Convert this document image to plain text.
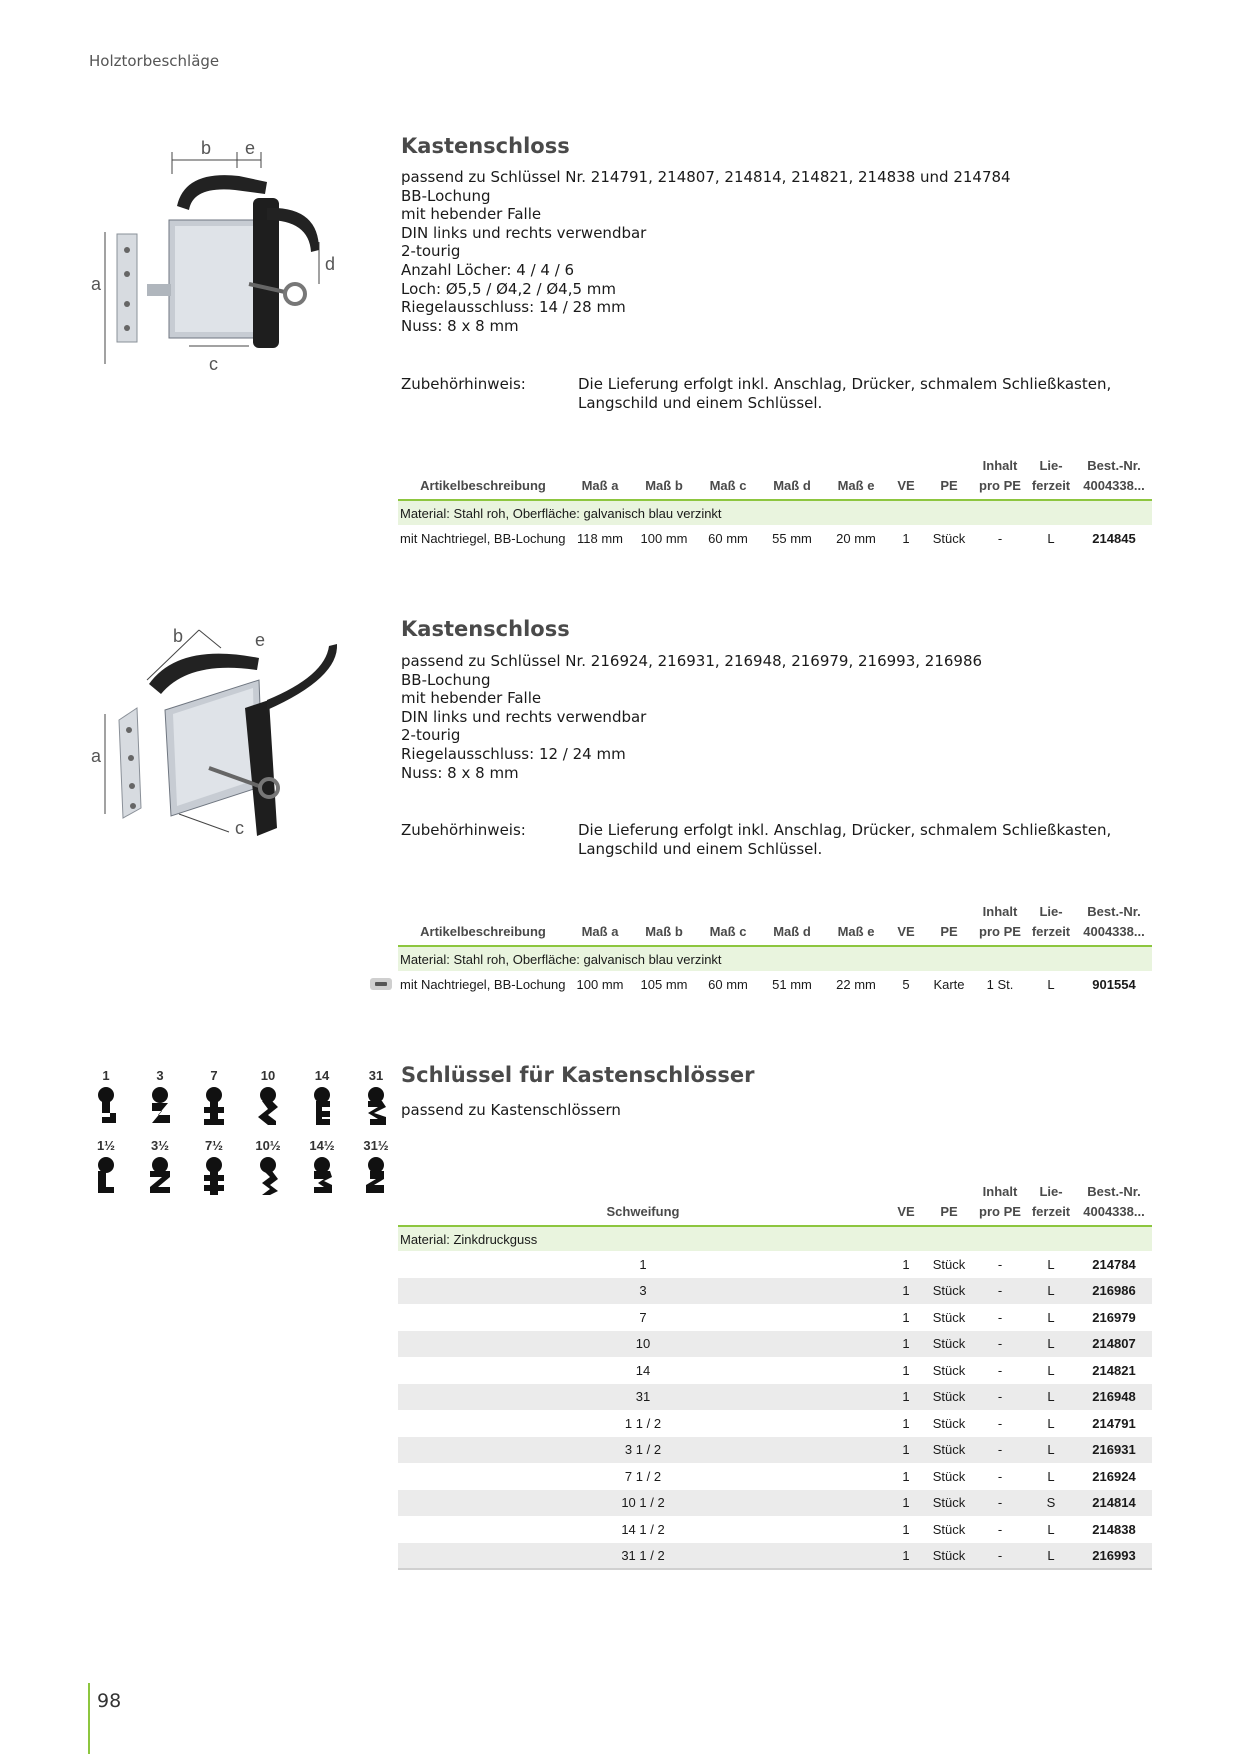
Holztorbeschläge
b e
a
c
d
Kastenschloss
passend zu Schlüssel Nr. 214791, 214807, 214814, 214821, 214838 und 214784
BB-Lochung
mit hebender Falle
DIN links und rechts verwendbar
2-tourig
Anzahl Löcher: 4 / 4 / 6
Loch: Ø5,5 / Ø4,2 / Ø4,5 mm
Riegelausschluss: 14 / 28 mm
Nuss: 8 x 8 mm
Zubehörhinweis:	Die Lieferung erfolgt inkl. Anschlag, Drücker, schmalem Schließkasten, Langschild und einem Schlüssel.
Artikelbeschreibung	Maß a	Maß b	Maß c	Maß d	Maß e	VE	PE	Inhalt pro PE	Lie- ferzeit	Best.-Nr. 4004338...
Material: Stahl roh, Oberfläche: galvanisch blau verzinkt										
mit Nachtriegel, BB-Lochung	118 mm	100 mm	60 mm	55 mm	20 mm	1	Stück	-	L	214845
b	e
a
c
Kastenschloss
passend zu Schlüssel Nr. 216924, 216931, 216948, 216979, 216993, 216986
BB-Lochung
mit hebender Falle
DIN links und rechts verwendbar
2-tourig
Riegelausschluss: 12 / 24 mm
Nuss: 8 x 8 mm
Zubehörhinweis:	Die Lieferung erfolgt inkl. Anschlag, Drücker, schmalem Schließkasten, Langschild und einem Schlüssel.
Artikelbeschreibung	Maß a	Maß b	Maß c	Maß d	Maß e	VE	PE	Inhalt pro PE	Lie- ferzeit	Best.-Nr. 4004338...
Material: Stahl roh, Oberfläche: galvanisch blau verzinkt										
mit Nachtriegel, BB-Lochung	100 mm	105 mm	60 mm	51 mm	22 mm	5	Karte	1 St.	L	901554
1	3	7	10	14	31
1½	3½	7½	10½	14½	31½
Schlüssel für Kastenschlösser
passend zu Kastenschlössern
Schweifung	VE	PE	Inhalt pro PE	Lie- ferzeit	Best.-Nr. 4004338...
Material: Zinkdruckguss					
1	1	Stück	-	L	214784
3	1	Stück	-	L	216986
7	1	Stück	-	L	216979
10	1	Stück	-	L	214807
14	1	Stück	-	L	214821
31	1	Stück	-	L	216948
1 1 / 2	1	Stück	-	L	214791
3 1 / 2	1	Stück	-	L	216931
7 1 / 2	1	Stück	-	L	216924
10 1 / 2	1	Stück	-	S	214814
14 1 / 2	1	Stück	-	L	214838
31 1 / 2	1	Stück	-	L	216993
98
